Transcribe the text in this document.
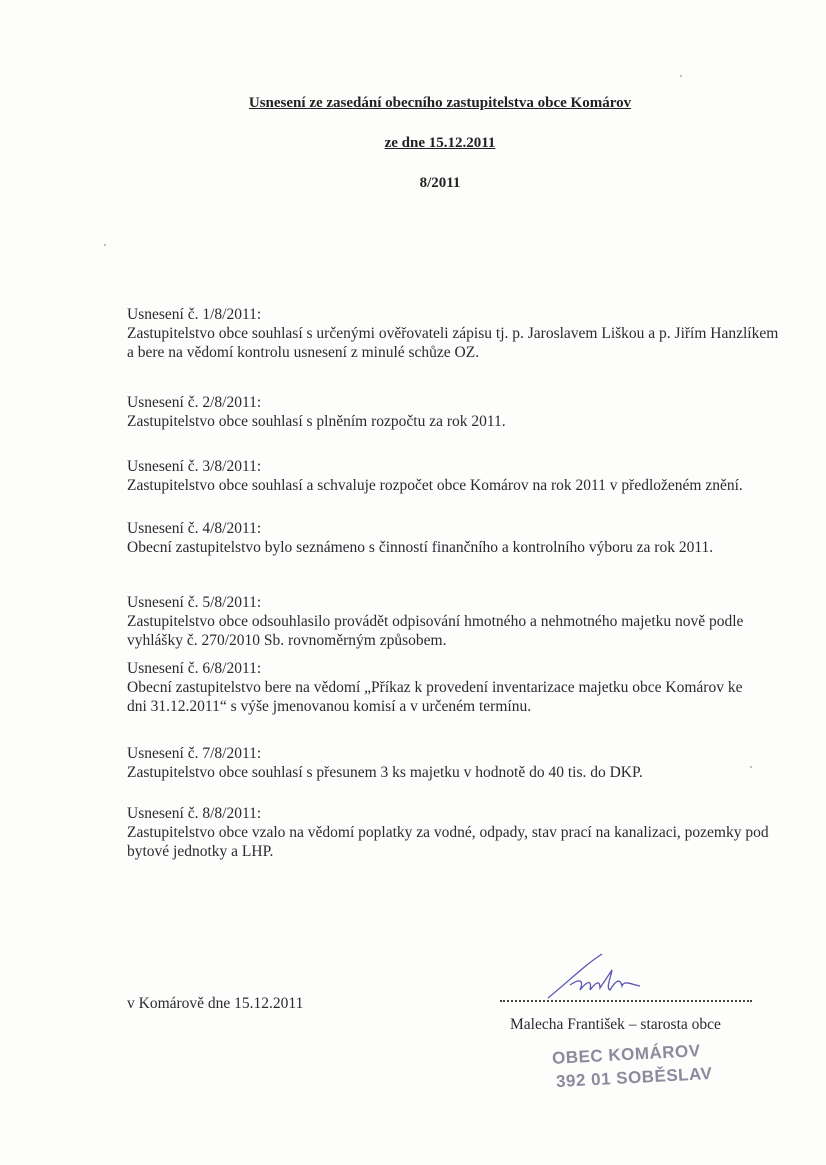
Usnesení ze zasedání obecního zastupitelstva obce Komárov
ze dne 15.12.2011
8/2011

Usnesení č. 1/8/2011:

Zastupitelstvo obce souhlasí s určenými ověřovateli zápisu tj. p. Jaroslavem Liškou a p. Jiřím Hanzlíkem a bere na vědomí kontrolu usnesení z minulé schůze OZ.

Usnesení č. 2/8/2011:

Zastupitelstvo obce souhlasí s plněním rozpočtu za rok 2011.

Usnesení č. 3/8/2011:

Zastupitelstvo obce souhlasí a schvaluje rozpočet obce Komárov na rok 2011 v předloženém znění.

Usnesení č. 4/8/2011:

Obecní zastupitelstvo bylo seznámeno s činností finančního a kontrolního výboru za rok 2011.

Usnesení č. 5/8/2011:

Zastupitelstvo obce odsouhlasilo provádět odpisování hmotného a nehmotného majetku nově podle vyhlášky č. 270/2010 Sb. rovnoměrným způsobem.

Usnesení č. 6/8/2011:

Obecní zastupitelstvo bere na vědomí „Příkaz k provedení inventarizace majetku obce Komárov ke dni 31.12.2011“ s výše jmenovanou komisí a v určeném termínu.

Usnesení č. 7/8/2011:

Zastupitelstvo obce souhlasí s přesunem 3 ks majetku v hodnotě do 40 tis. do DKP.

Usnesení č. 8/8/2011:

Zastupitelstvo obce vzalo na vědomí poplatky za vodné, odpady, stav prací na kanalizaci, pozemky pod bytové jednotky a LHP.

v Komárově dne 15.12.2011
Malecha František – starosta obce
OBEC KOMÁROV
392 01 SOBĚSLAV
